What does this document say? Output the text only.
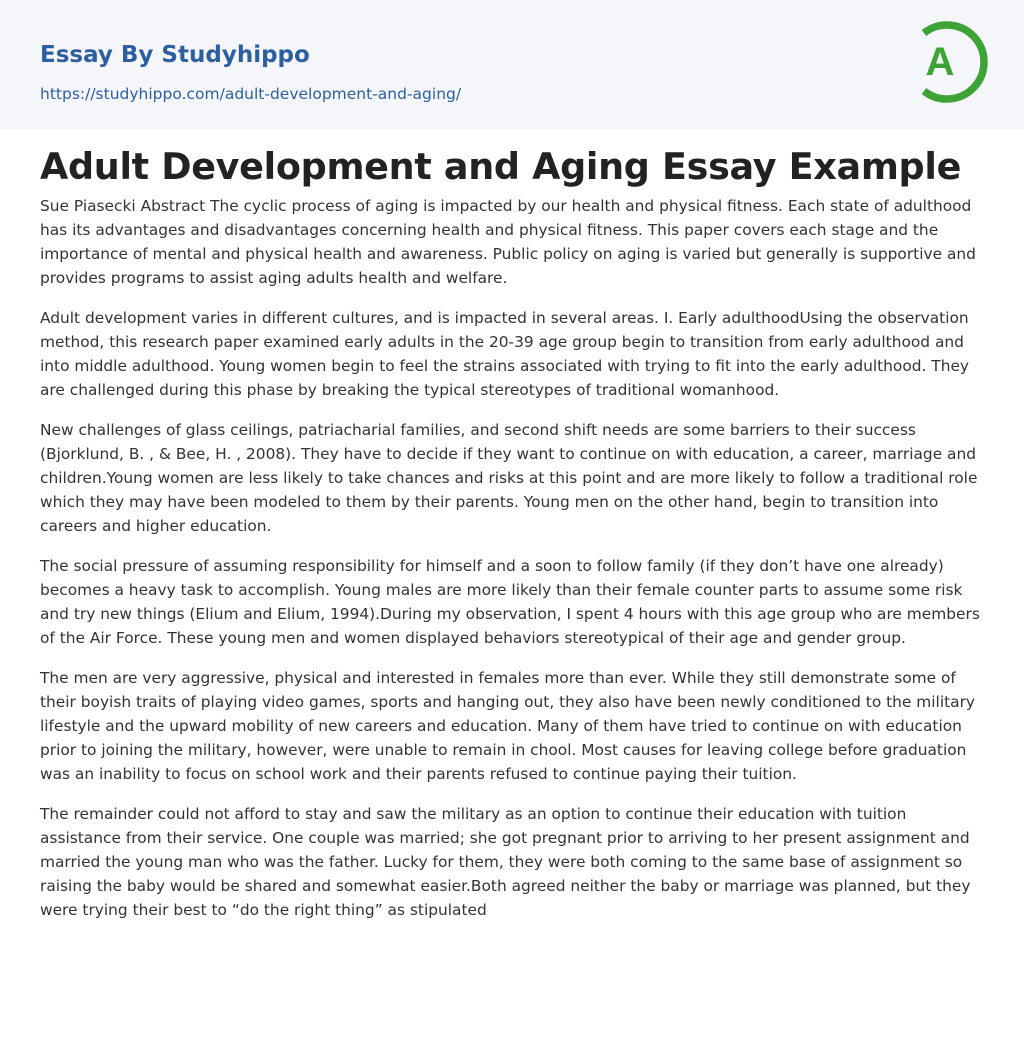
Essay By Studyhippo
https://studyhippo.com/adult-development-and-aging/
A
Adult Development and Aging Essay Example

Sue Piasecki Abstract The cyclic process of aging is impacted by our health and physical fitness. Each state of adulthood has its advantages and disadvantages concerning health and physical fitness. This paper covers each stage and the importance of mental and physical health and awareness. Public policy on aging is varied but generally is supportive and provides programs to assist aging adults health and welfare.

Adult development varies in different cultures, and is impacted in several areas. I. Early adulthoodUsing the observation method, this research paper examined early adults in the 20-39 age group begin to transition from early adulthood and into middle adulthood. Young women begin to feel the strains associated with trying to fit into the early adulthood. They are challenged during this phase by breaking the typical stereotypes of traditional womanhood.

New challenges of glass ceilings, patriacharial families, and second shift needs are some barriers to their success (Bjorklund, B. , & Bee, H. , 2008). They have to decide if they want to continue on with education, a career, marriage and children.Young women are less likely to take chances and risks at this point and are more likely to follow a traditional role which they may have been modeled to them by their parents. Young men on the other hand, begin to transition into careers and higher education.

The social pressure of assuming responsibility for himself and a soon to follow family (if they don’t have one already) becomes a heavy task to accomplish. Young males are more likely than their female counter parts to assume some risk and try new things (Elium and Elium, 1994).During my observation, I spent 4 hours with this age group who are members of the Air Force. These young men and women displayed behaviors stereotypical of their age and gender group.

The men are very aggressive, physical and interested in females more than ever. While they still demonstrate some of their boyish traits of playing video games, sports and hanging out, they also have been newly conditioned to the military lifestyle and the upward mobility of new careers and education. Many of them have tried to continue on with education prior to joining the military, however, were unable to remain in chool. Most causes for leaving college before graduation was an inability to focus on school work and their parents refused to continue paying their tuition.

The remainder could not afford to stay and saw the military as an option to continue their education with tuition assistance from their service. One couple was married; she got pregnant prior to arriving to her present assignment and married the young man who was the father. Lucky for them, they were both coming to the same base of assignment so raising the baby would be shared and somewhat easier.Both agreed neither the baby or marriage was planned, but they were trying their best to “do the right thing” as stipulated
